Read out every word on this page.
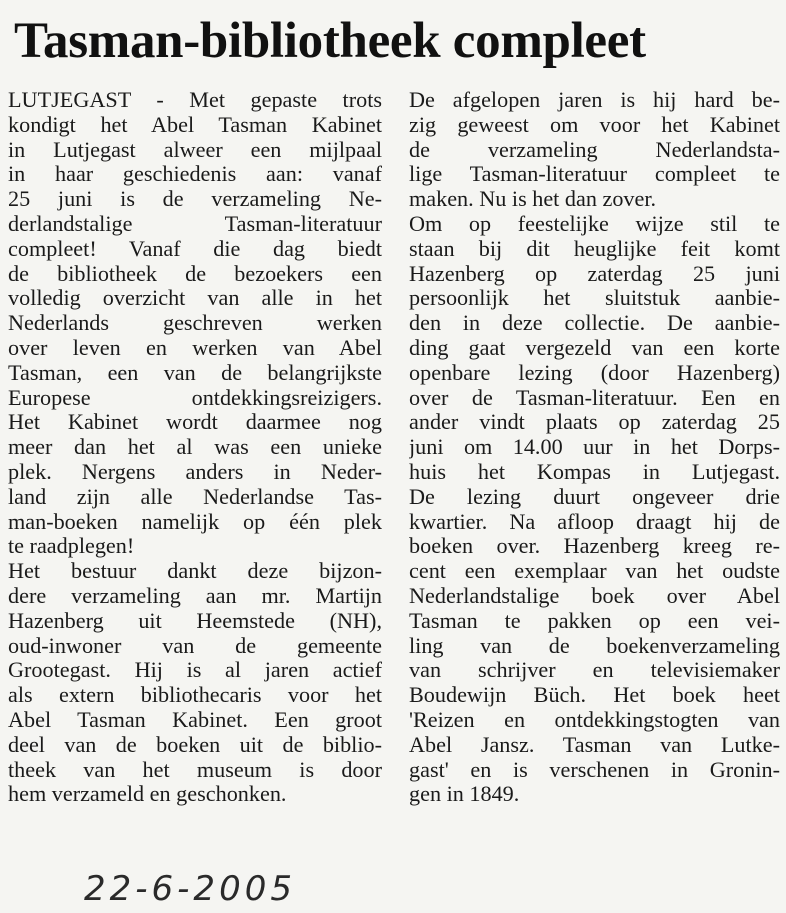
Tasman-bibliotheek compleet
LUTJEGAST - Met gepaste trots
kondigt het Abel Tasman Kabinet
in Lutjegast alweer een mijlpaal
in haar geschiedenis aan: vanaf
25 juni is de verzameling Ne-
derlandstalige Tasman-literatuur
compleet! Vanaf die dag biedt
de bibliotheek de bezoekers een
volledig overzicht van alle in het
Nederlands geschreven werken
over leven en werken van Abel
Tasman, een van de belangrijkste
Europese ontdekkingsreizigers.
Het Kabinet wordt daarmee nog
meer dan het al was een unieke
plek. Nergens anders in Neder-
land zijn alle Nederlandse Tas-
man-boeken namelijk op één plek
te raadplegen!
Het bestuur dankt deze bijzon-
dere verzameling aan mr. Martijn
Hazenberg uit Heemstede (NH),
oud-inwoner van de gemeente
Grootegast. Hij is al jaren actief
als extern bibliothecaris voor het
Abel Tasman Kabinet. Een groot
deel van de boeken uit de biblio-
theek van het museum is door
hem verzameld en geschonken.
De afgelopen jaren is hij hard be-
zig geweest om voor het Kabinet
de verzameling Nederlandsta-
lige Tasman-literatuur compleet te
maken. Nu is het dan zover.
Om op feestelijke wijze stil te
staan bij dit heuglijke feit komt
Hazenberg op zaterdag 25 juni
persoonlijk het sluitstuk aanbie-
den in deze collectie. De aanbie-
ding gaat vergezeld van een korte
openbare lezing (door Hazenberg)
over de Tasman-literatuur. Een en
ander vindt plaats op zaterdag 25
juni om 14.00 uur in het Dorps-
huis het Kompas in Lutjegast.
De lezing duurt ongeveer drie
kwartier. Na afloop draagt hij de
boeken over. Hazenberg kreeg re-
cent een exemplaar van het oudste
Nederlandstalige boek over Abel
Tasman te pakken op een vei-
ling van de boekenverzameling
van schrijver en televisiemaker
Boudewijn Büch. Het boek heet
'Reizen en ontdekkingstogten van
Abel Jansz. Tasman van Lutke-
gast' en is verschenen in Gronin-
gen in 1849.
22-6-2005
